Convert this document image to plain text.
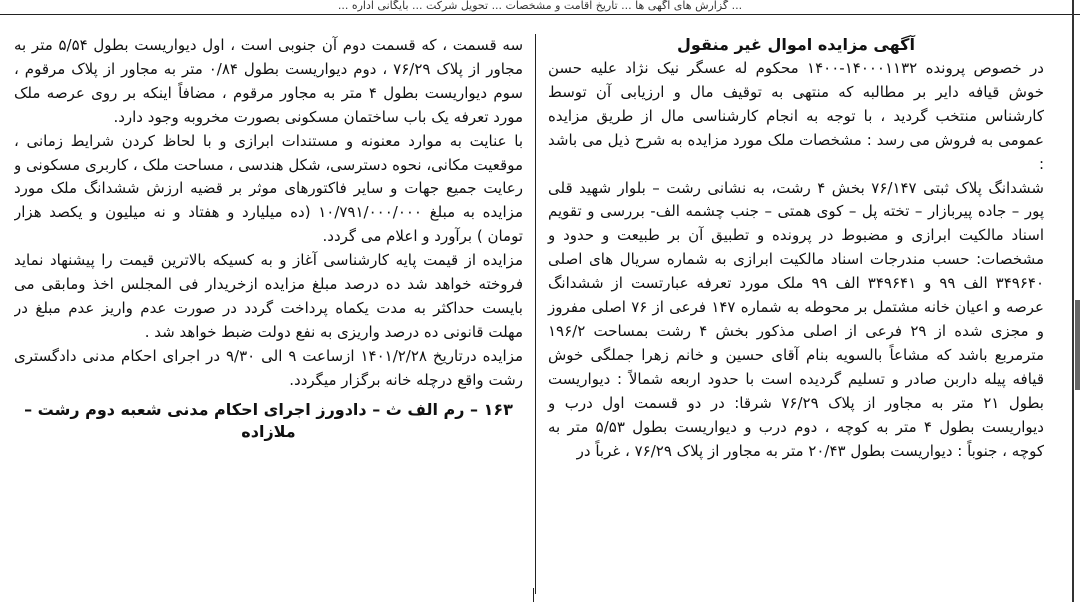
... گزارش های آگهی ها ... تاریخ اقامت و مشخصات ... تحویل شرکت ... بایگانی اداره ...
آگهی مزایده اموال غیر منقول

در خصوص پرونده ۱۴۰۰۰۱۱۳۲-۱۴۰۰ محکوم له عسگر نیک نژاد علیه حسن خوش قیافه دایر بر مطالبه که منتهی به توقیف مال و ارزیابی آن توسط کارشناس منتخب گردید ، با توجه به انجام کارشناسی مال از طریق مزایده عمومی به فروش می رسد : مشخصات ملک مورد مزایده به شرح ذیل می باشد :

ششدانگ پلاک ثبتی ۷۶/۱۴۷ بخش ۴ رشت، به نشانی رشت – بلوار شهید قلی پور – جاده پیربازار – تخته پل – کوی همتی – جنب چشمه الف- بررسی و تقویم اسناد مالکیت ابرازی و مضبوط در پرونده و تطبیق آن بر طبیعت و حدود و مشخصات: حسب مندرجات اسناد مالکیت ابرازی به شماره سریال های اصلی ۳۴۹۶۴۰ الف ۹۹ و ۳۴۹۶۴۱ الف ۹۹ ملک مورد تعرفه عبارتست از ششدانگ عرصه و اعیان خانه مشتمل بر محوطه به شماره ۱۴۷ فرعی از ۷۶ اصلی مفروز و مجزی شده از ۲۹ فرعی از اصلی مذکور بخش ۴ رشت بمساحت ۱۹۶/۲ مترمربع باشد که مشاعاً بالسویه بنام آقای حسین و خانم زهرا جملگی خوش قیافه پیله داربن صادر و تسلیم گردیده است با حدود اربعه شمالاً : دیواریست بطول ۲۱ متر به مجاور از پلاک ۷۶/۲۹ شرقا: در دو قسمت اول درب و دیواریست بطول ۴ متر به کوچه ، دوم درب و دیواریست بطول ۵/۵۳ متر به کوچه ، جنوباً : دیواریست بطول ۲۰/۴۳ متر به مجاور از پلاک ۷۶/۲۹ ، غرباً در

سه قسمت ، که قسمت دوم آن جنوبی است ، اول دیواریست بطول ۵/۵۴ متر به مجاور از پلاک ۷۶/۲۹ ، دوم دیواریست بطول ۰/۸۴ متر به مجاور از پلاک مرقوم ، سوم دیواریست بطول ۴ متر به مجاور مرقوم ، مضافاً اینکه بر روی عرصه ملک مورد تعرفه یک باب ساختمان مسکونی بصورت مخروبه وجود دارد.

با عنایت به موارد معنونه و مستندات ابرازی و با لحاظ کردن شرایط زمانی ، موقعیت مکانی، نحوه دسترسی، شکل هندسی ، مساحت ملک ، کاربری مسکونی و رعایت جمیع جهات و سایر فاکتورهای موثر بر قضیه ارزش ششدانگ ملک مورد مزایده به مبلغ ۱۰/۷۹۱/۰۰۰/۰۰۰ (ده میلیارد و هفتاد و نه میلیون و یکصد هزار تومان ) برآورد و اعلام می گردد.

مزایده از قیمت پایه کارشناسی آغاز و به کسیکه بالاترین قیمت را پیشنهاد نماید فروخته خواهد شد ده درصد مبلغ مزایده ازخریدار فی المجلس اخذ ومابقی می بایست حداکثر به مدت یکماه پرداخت گردد در صورت عدم واریز عدم مبلغ در مهلت قانونی ده درصد واریزی به نفع دولت ضبط خواهد شد .

مزایده درتاریخ ۱۴۰۱/۲/۲۸ ازساعت ۹ الی ۹/۳۰ در اجرای احکام مدنی دادگستری رشت واقع درچله خانه برگزار میگردد.

۱۶۳ – رم الف ث – دادورز اجرای احکام مدنی شعبه دوم رشت – ملازاده
